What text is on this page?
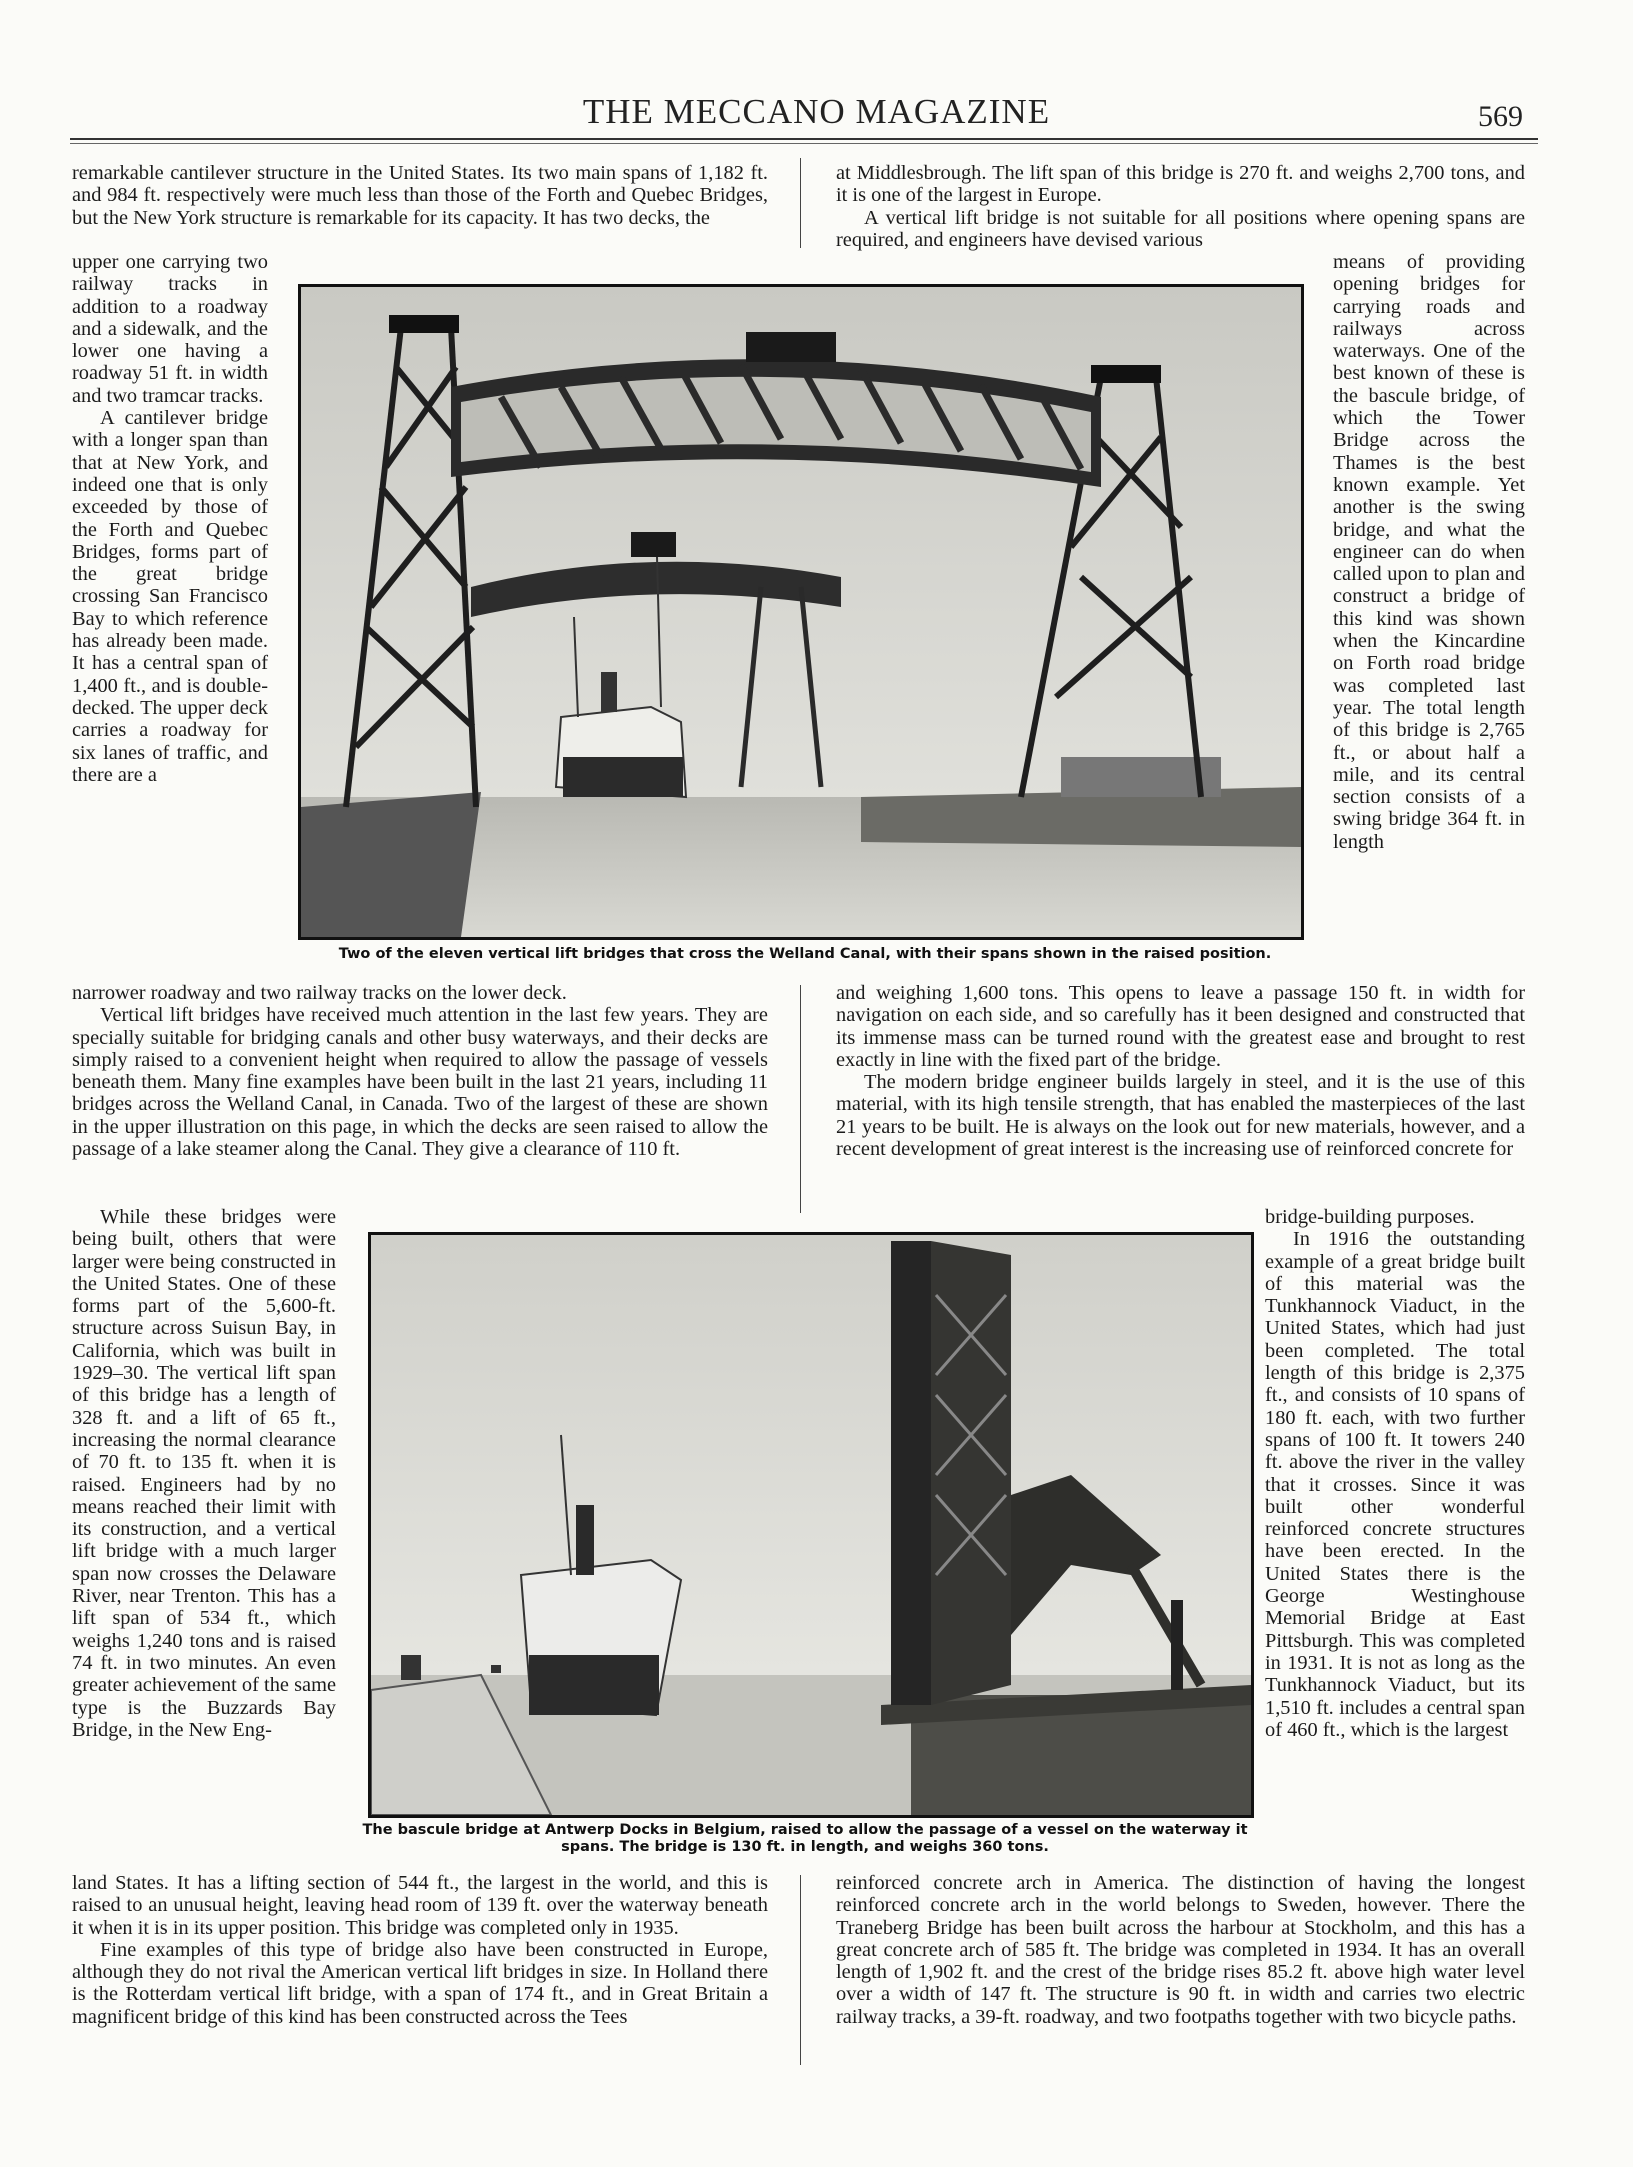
THE MECCANO MAGAZINE	569

remarkable cantilever structure in the United States. Its two main spans of 1,182 ft. and 984 ft. respectively were much less than those of the Forth and Quebec Bridges, but the New York structure is remarkable for its capacity. It has two decks, the

upper one carrying two railway tracks in addition to a roadway and a sidewalk, and the lower one having a roadway 51 ft. in width and two tramcar tracks.
A cantilever bridge with a longer span than that at New York, and indeed one that is only exceeded by those of the Forth and Quebec Bridges, forms part of the great bridge crossing San Francisco Bay to which reference has already been made. It has a central span of 1,400 ft., and is double-decked. The upper deck carries a roadway for six lanes of traffic, and there are a
narrower roadway and two railway tracks on the lower deck.
Vertical lift bridges have received much attention in the last few years. They are specially suitable for bridging canals and other busy waterways, and their decks are simply raised to a convenient height when required to allow the passage of vessels beneath them. Many fine examples have been built in the last 21 years, including 11 bridges across the Welland Canal, in Canada. Two of the largest of these are shown in the upper illustration on this page, in which the decks are seen raised to allow the passage of a lake steamer along the Canal. They give a clearance of 110 ft.

While these bridges were being built, others that were larger were being constructed in the United States. One of these forms part of the 5,600-ft. structure across Suisun Bay, in California, which was built in 1929–30. The vertical lift span of this bridge has a length of 328 ft. and a lift of 65 ft., increasing the normal clearance of 70 ft. to 135 ft. when it is raised. Engineers had by no means reached their limit with its construction, and a vertical lift bridge with a much larger span now crosses the Delaware River, near Trenton. This has a lift span of 534 ft., which weighs 1,240 tons and is raised 74 ft. in two minutes. An even greater achievement of the same type is the Buzzards Bay Bridge, in the New Eng-

land States. It has a lifting section of 544 ft., the largest in the world, and this is raised to an unusual height, leaving head room of 139 ft. over the waterway beneath it when it is in its upper position. This bridge was completed only in 1935.
Fine examples of this type of bridge also have been constructed in Europe, although they do not rival the American vertical lift bridges in size. In Holland there is the Rotterdam vertical lift bridge, with a span of 174 ft., and in Great Britain a magnificent bridge of this kind has been constructed across the Tees
at Middlesbrough. The lift span of this bridge is 270 ft. and weighs 2,700 tons, and it is one of the largest in Europe.
A vertical lift bridge is not suitable for all positions where opening spans are required, and engineers have devised various

means of providing opening bridges for carrying roads and railways across waterways. One of the best known of these is the bascule bridge, of which the Tower Bridge across the Thames is the best known example. Yet another is the swing bridge, and what the engineer can do when called upon to plan and construct a bridge of this kind was shown when the Kincardine on Forth road bridge was completed last year. The total length of this bridge is 2,765 ft., or about half a mile, and its central section consists of a swing bridge 364 ft. in length

and weighing 1,600 tons. This opens to leave a passage 150 ft. in width for navigation on each side, and so carefully has it been designed and constructed that its immense mass can be turned round with the greatest ease and brought to rest exactly in line with the fixed part of the bridge.
The modern bridge engineer builds largely in steel, and it is the use of this material, with its high tensile strength, that has enabled the masterpieces of the last 21 years to be built. He is always on the look out for new materials, however, and a recent development of great interest is the increasing use of reinforced concrete for
bridge-building purposes.
In 1916 the outstanding example of a great bridge built of this material was the Tunkhannock Viaduct, in the United States, which had just been completed. The total length of this bridge is 2,375 ft., and consists of 10 spans of 180 ft. each, with two further spans of 100 ft. It towers 240 ft. above the river in the valley that it crosses. Since it was built other wonderful reinforced concrete structures have been erected. In the United States there is the George Westinghouse Memorial Bridge at East Pittsburgh. This was completed in 1931. It is not as long as the Tunkhannock Viaduct, but its 1,510 ft. includes a central span of 460 ft., which is the largest

reinforced concrete arch in America. The distinction of having the longest reinforced concrete arch in the world belongs to Sweden, however. There the Traneberg Bridge has been built across the harbour at Stockholm, and this has a great concrete arch of 585 ft. The bridge was completed in 1934. It has an overall length of 1,902 ft. and the crest of the bridge rises 85.2 ft. above high water level over a width of 147 ft. The structure is 90 ft. in width and carries two electric railway tracks, a 39-ft. roadway, and two footpaths together with two bicycle paths.

Two of the eleven vertical lift bridges that cross the Welland Canal, with their spans shown in the raised position.

The bascule bridge at Antwerp Docks in Belgium, raised to allow the passage of a vessel on the waterway it spans. The bridge is 130 ft. in length, and weighs 360 tons.
